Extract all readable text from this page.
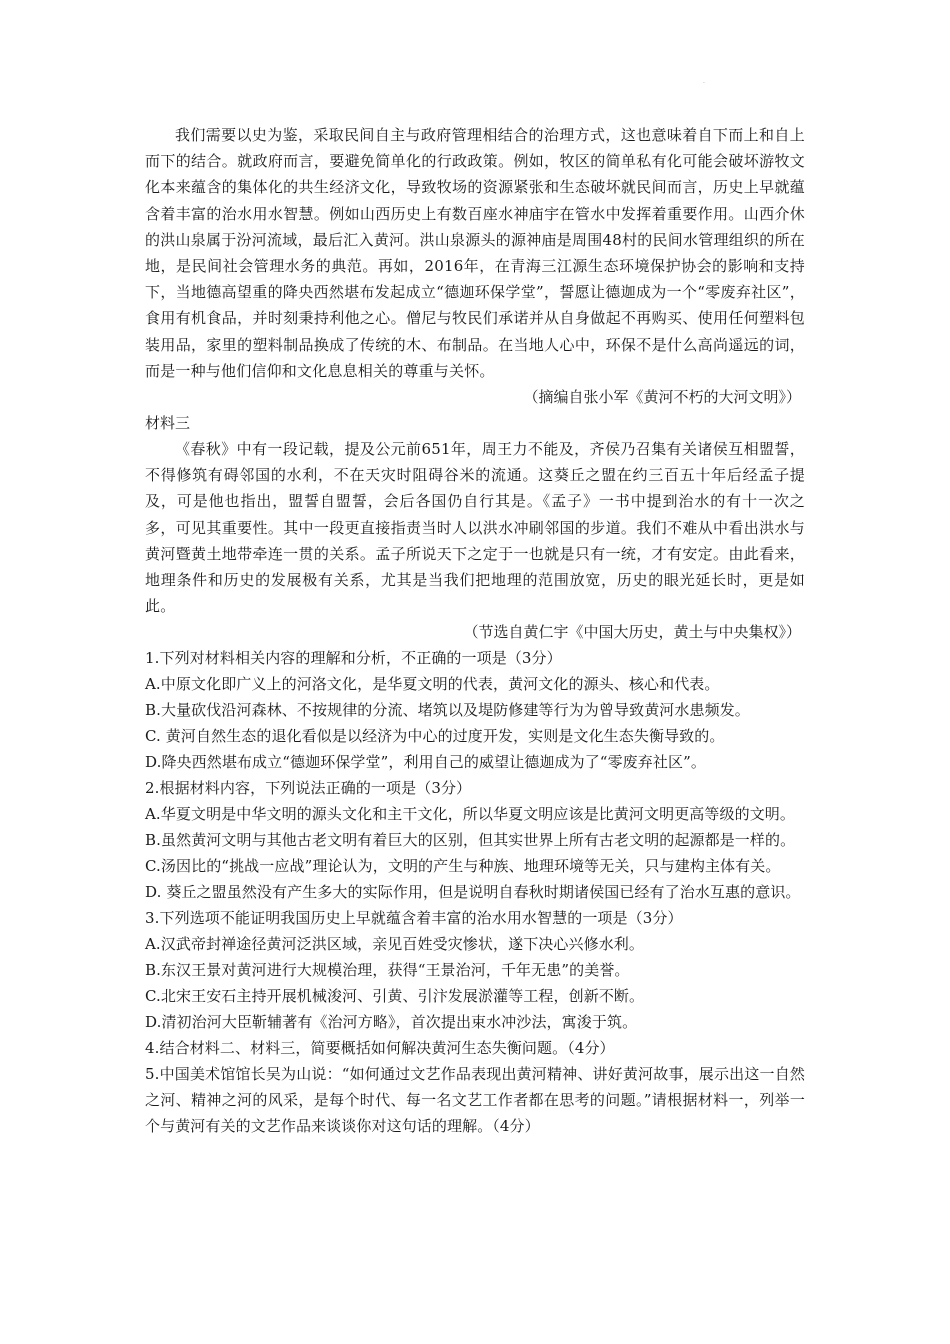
·

我们需要以史为鉴，采取民间自主与政府管理相结合的治理方式，这也意味着自下而上和自上而下的结合。就政府而言，要避免简单化的行政政策。例如，牧区的简单私有化可能会破坏游牧文化本来蕴含的集体化的共生经济文化，导致牧场的资源紧张和生态破坏就民间而言，历史上早就蕴含着丰富的治水用水智慧。例如山西历史上有数百座水神庙宇在管水中发挥着重要作用。山西介休的洪山泉属于汾河流域，最后汇入黄河。洪山泉源头的源神庙是周围48村的民间水管理组织的所在地，是民间社会管理水务的典范。再如，2016年，在青海三江源生态环境保护协会的影响和支持下，当地德高望重的降央西然堪布发起成立“德迦环保学堂”，誓愿让德迦成为一个“零废弃社区”，食用有机食品，并时刻秉持利他之心。僧尼与牧民们承诺并从自身做起不再购买、使用任何塑料包装用品，家里的塑料制品换成了传统的木、布制品。在当地人心中，环保不是什么高尚遥远的词，而是一种与他们信仰和文化息息相关的尊重与关怀。

（摘编自张小军《黄河不朽的大河文明》）

材料三

《春秋》中有一段记载，提及公元前651年，周王力不能及，齐侯乃召集有关诸侯互相盟誓，不得修筑有碍邻国的水利，不在天灾时阻碍谷米的流通。这葵丘之盟在约三百五十年后经孟子提及，可是他也指出，盟誓自盟誓，会后各国仍自行其是。《孟子》一书中提到治水的有十一次之多，可见其重要性。其中一段更直接指责当时人以洪水冲刷邻国的步道。我们不难从中看出洪水与黄河暨黄土地带牵连一贯的关系。孟子所说天下之定于一也就是只有一统，才有安定。由此看来，地理条件和历史的发展极有关系，尤其是当我们把地理的范围放宽，历史的眼光延长时，更是如此。

（节选自黄仁宇《中国大历史，黄土与中央集权》）

1.下列对材料相关内容的理解和分析，不正确的一项是（3分）

A.中原文化即广义上的河洛文化，是华夏文明的代表，黄河文化的源头、核心和代表。

B.大量砍伐沿河森林、不按规律的分流、堵筑以及堤防修建等行为为曾导致黄河水患频发。

C. 黄河自然生态的退化看似是以经济为中心的过度开发，实则是文化生态失衡导致的。

D.降央西然堪布成立“德迦环保学堂”，利用自己的威望让德迦成为了“零废弃社区”。

2.根据材料内容，下列说法正确的一项是（3分）

A.华夏文明是中华文明的源头文化和主干文化，所以华夏文明应该是比黄河文明更高等级的文明。

B.虽然黄河文明与其他古老文明有着巨大的区别，但其实世界上所有古老文明的起源都是一样的。

C.汤因比的“挑战一应战”理论认为，文明的产生与种族、地理环境等无关，只与建构主体有关。

D. 葵丘之盟虽然没有产生多大的实际作用，但是说明自春秋时期诸侯国已经有了治水互惠的意识。

3.下列选项不能证明我国历史上早就蕴含着丰富的治水用水智慧的一项是（3分）

A.汉武帝封禅途径黄河泛洪区域，亲见百姓受灾惨状，遂下决心兴修水利。

B.东汉王景对黄河进行大规模治理，获得“王景治河，千年无患”的美誉。

C.北宋王安石主持开展机械浚河、引黄、引汴发展淤灌等工程，创新不断。

D.清初治河大臣靳辅著有《治河方略》，首次提出束水冲沙法，寓浚于筑。

4.结合材料二、材料三，简要概括如何解决黄河生态失衡问题。（4分）

5.中国美术馆馆长吴为山说：“如何通过文艺作品表现出黄河精神、讲好黄河故事，展示出这一自然之河、精神之河的风采，是每个时代、每一名文艺工作者都在思考的问题。”请根据材料一，列举一个与黄河有关的文艺作品来谈谈你对这句话的理解。（4分）
